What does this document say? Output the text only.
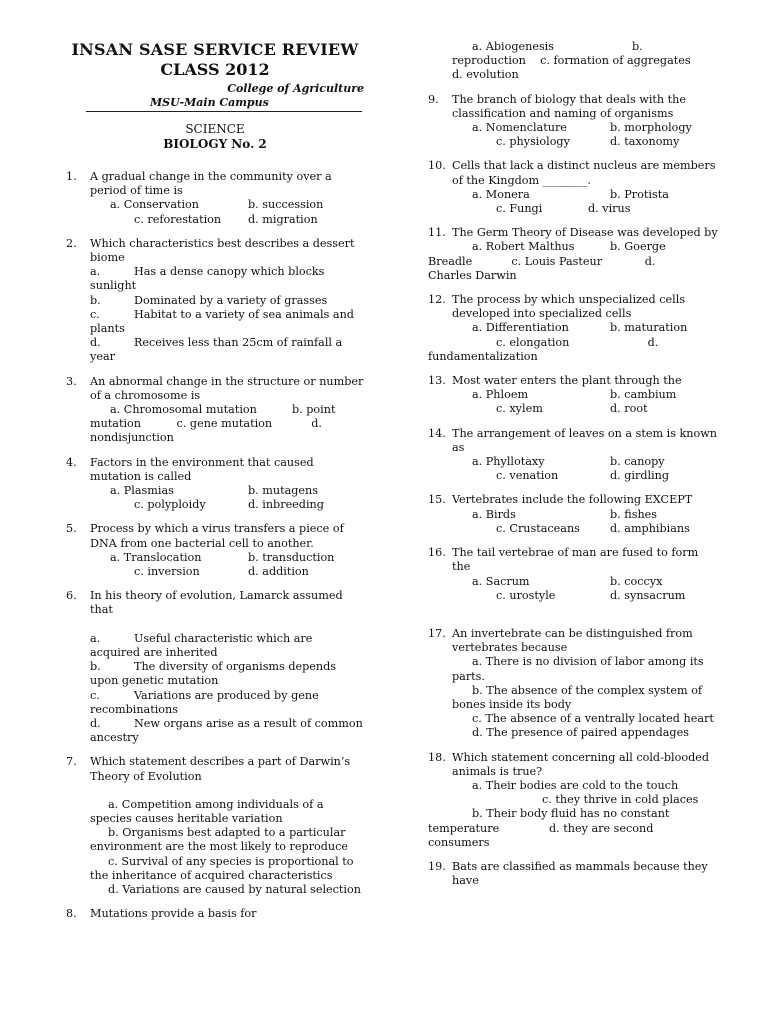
INSAN SASE SERVICE REVIEW
CLASS 2012
College of Agriculture
MSU-Main Campus
SCIENCE
BIOLOGY No. 2
1.	A gradual change in the community over a period of time is
a. Conservation	b. succession
c. reforestation	d. migration
2.	Which characteristics best describes a dessert biome
a.	Has a dense canopy which blocks sunlight
b.	Dominated by a variety of grasses
c.	Habitat to a variety of sea animals and plants
d.	Receives less than 25cm of rainfall a year
3.	An abnormal change in the structure or number of a chromosome is
a. Chromosomal mutation	b. point
mutation          c. gene mutation           d.
nondisjunction
4.	Factors in the environment that caused mutation is called
a. Plasmias	b. mutagens
c. polyploidy	d. inbreeding
5.	Process by which a virus transfers a piece of DNA from one bacterial cell to another.
a. Translocation	b. transduction
c. inversion	d. addition
6.	In his theory of evolution, Lamarck assumed that
a.	Useful characteristic which are acquired are inherited
b.	The diversity of organisms depends upon genetic mutation
c.	Variations are produced by gene recombinations
d.	New organs arise as a result of common ancestry
7.	Which statement describes a part of Darwin’s Theory of Evolution
a. Competition among individuals of a species causes heritable variation
b. Organisms best adapted to a particular environment are the most likely to reproduce
c. Survival of any species is proportional to the inheritance of acquired characteristics
d. Variations are caused by natural selection
8.	Mutations provide a basis for
a. Abiogenesis	b.
reproduction    c. formation of aggregates
d. evolution
9.	The branch of biology that deals with the classification and naming of organisms
a. Nomenclature	b. morphology
c. physiology	d. taxonomy
10. Cells that lack a distinct nucleus are members of the Kingdom ________.
a. Monera	b. Protista
c. Fungi	d. virus
11. The Germ Theory of Disease was developed by
a. Robert Malthus	b. Goerge
Breadle           c. Louis Pasteur            d.
Charles Darwin
12. The process by which unspecialized cells developed into specialized cells
a. Differentiation	b. maturation
c. elongation                      d.
fundamentalization
13. Most water enters the plant through the
a. Phloem	b. cambium
c. xylem	d. root
14. The arrangement of leaves on a stem is known as
a. Phyllotaxy	b. canopy
c. venation	d. girdling
15. Vertebrates include the following EXCEPT
a. Birds	b. fishes
c. Crustaceans	d. amphibians
16. The tail vertebrae of man are fused to form the
a. Sacrum	b. coccyx
c. urostyle	d. synsacrum
17. An invertebrate can be distinguished from vertebrates because
a. There is no division of labor among its parts.
b. The absence of the complex system of bones inside its body
c. The absence of a ventrally located heart
d. The presence of paired appendages
18. Which statement concerning all cold-blooded animals is true?
a. Their bodies are cold to the touch
c. they thrive in cold places
b. Their body fluid has no constant
temperature              d. they are second
consumers
19. Bats are classified as mammals because they have
